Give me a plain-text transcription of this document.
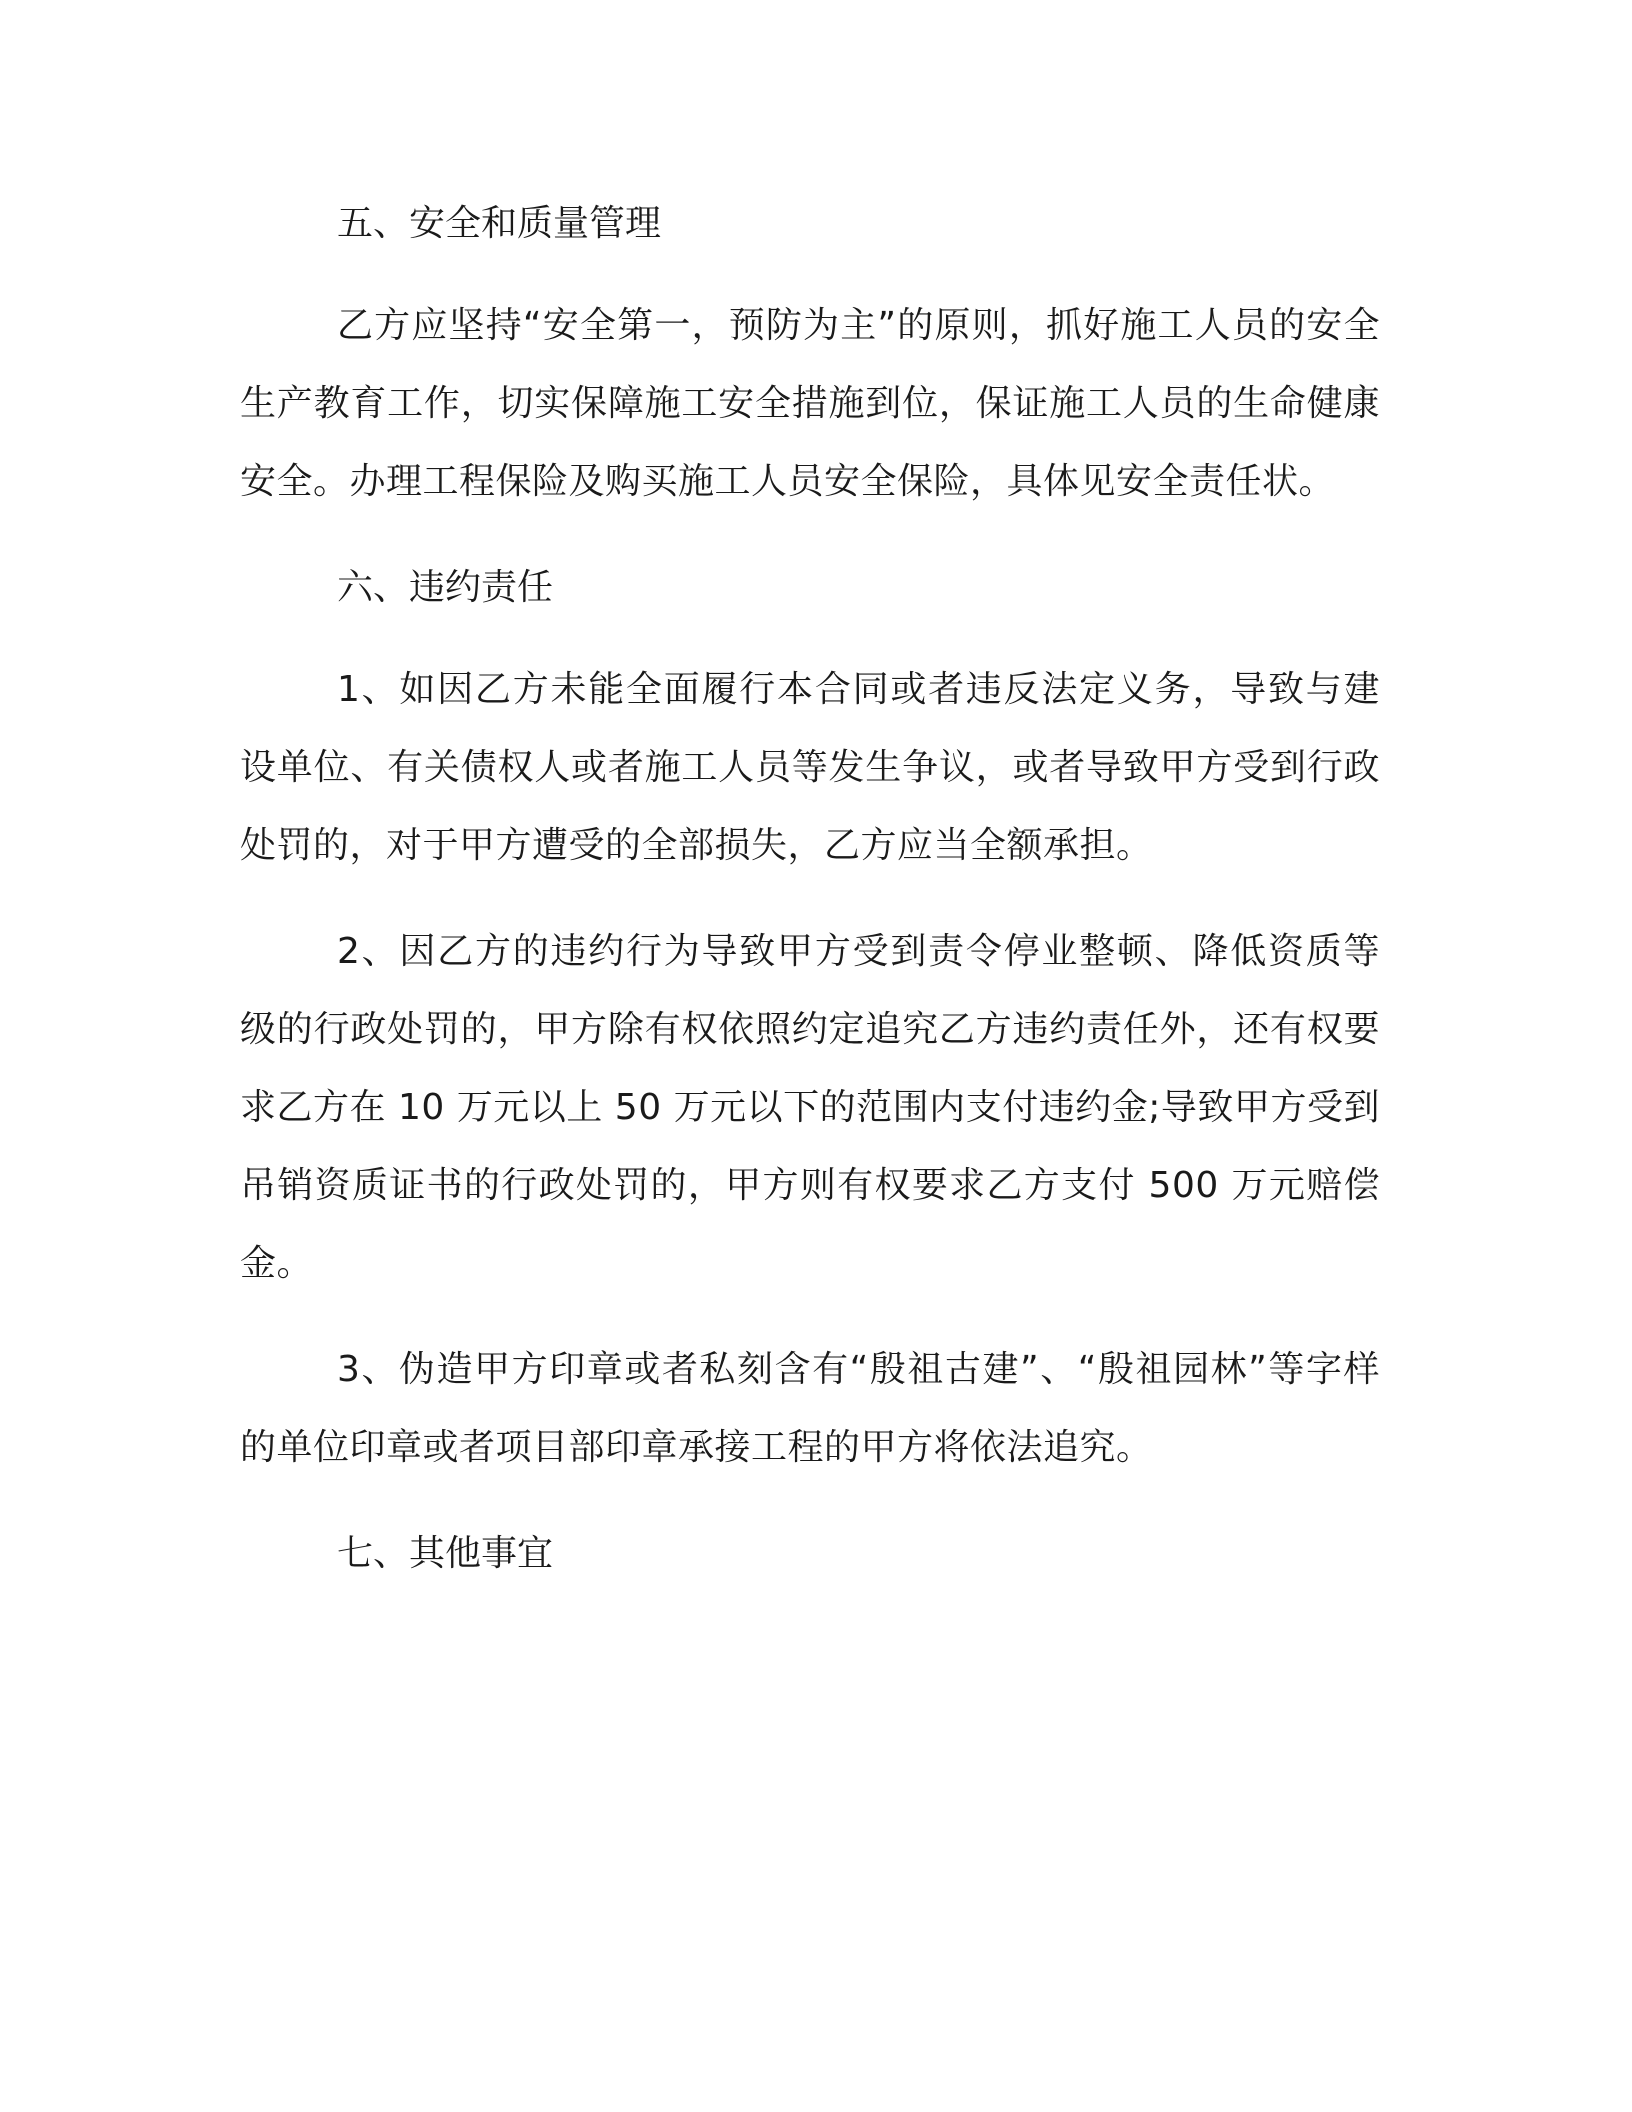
五、安全和质量管理

乙方应坚持“安全第一，预防为主”的原则，抓好施工人员的安全生产教育工作，切实保障施工安全措施到位，保证施工人员的生命健康安全。办理工程保险及购买施工人员安全保险，具体见安全责任状。

六、违约责任

1、如因乙方未能全面履行本合同或者违反法定义务，导致与建设单位、有关债权人或者施工人员等发生争议，或者导致甲方受到行政处罚的，对于甲方遭受的全部损失，乙方应当全额承担。

2、因乙方的违约行为导致甲方受到责令停业整顿、降低资质等级的行政处罚的，甲方除有权依照约定追究乙方违约责任外，还有权要求乙方在 10 万元以上 50 万元以下的范围内支付违约金;导致甲方受到吊销资质证书的行政处罚的，甲方则有权要求乙方支付 500 万元赔偿金。

3、伪造甲方印章或者私刻含有“殷祖古建”、“殷祖园林”等字样的单位印章或者项目部印章承接工程的甲方将依法追究。

七、其他事宜
